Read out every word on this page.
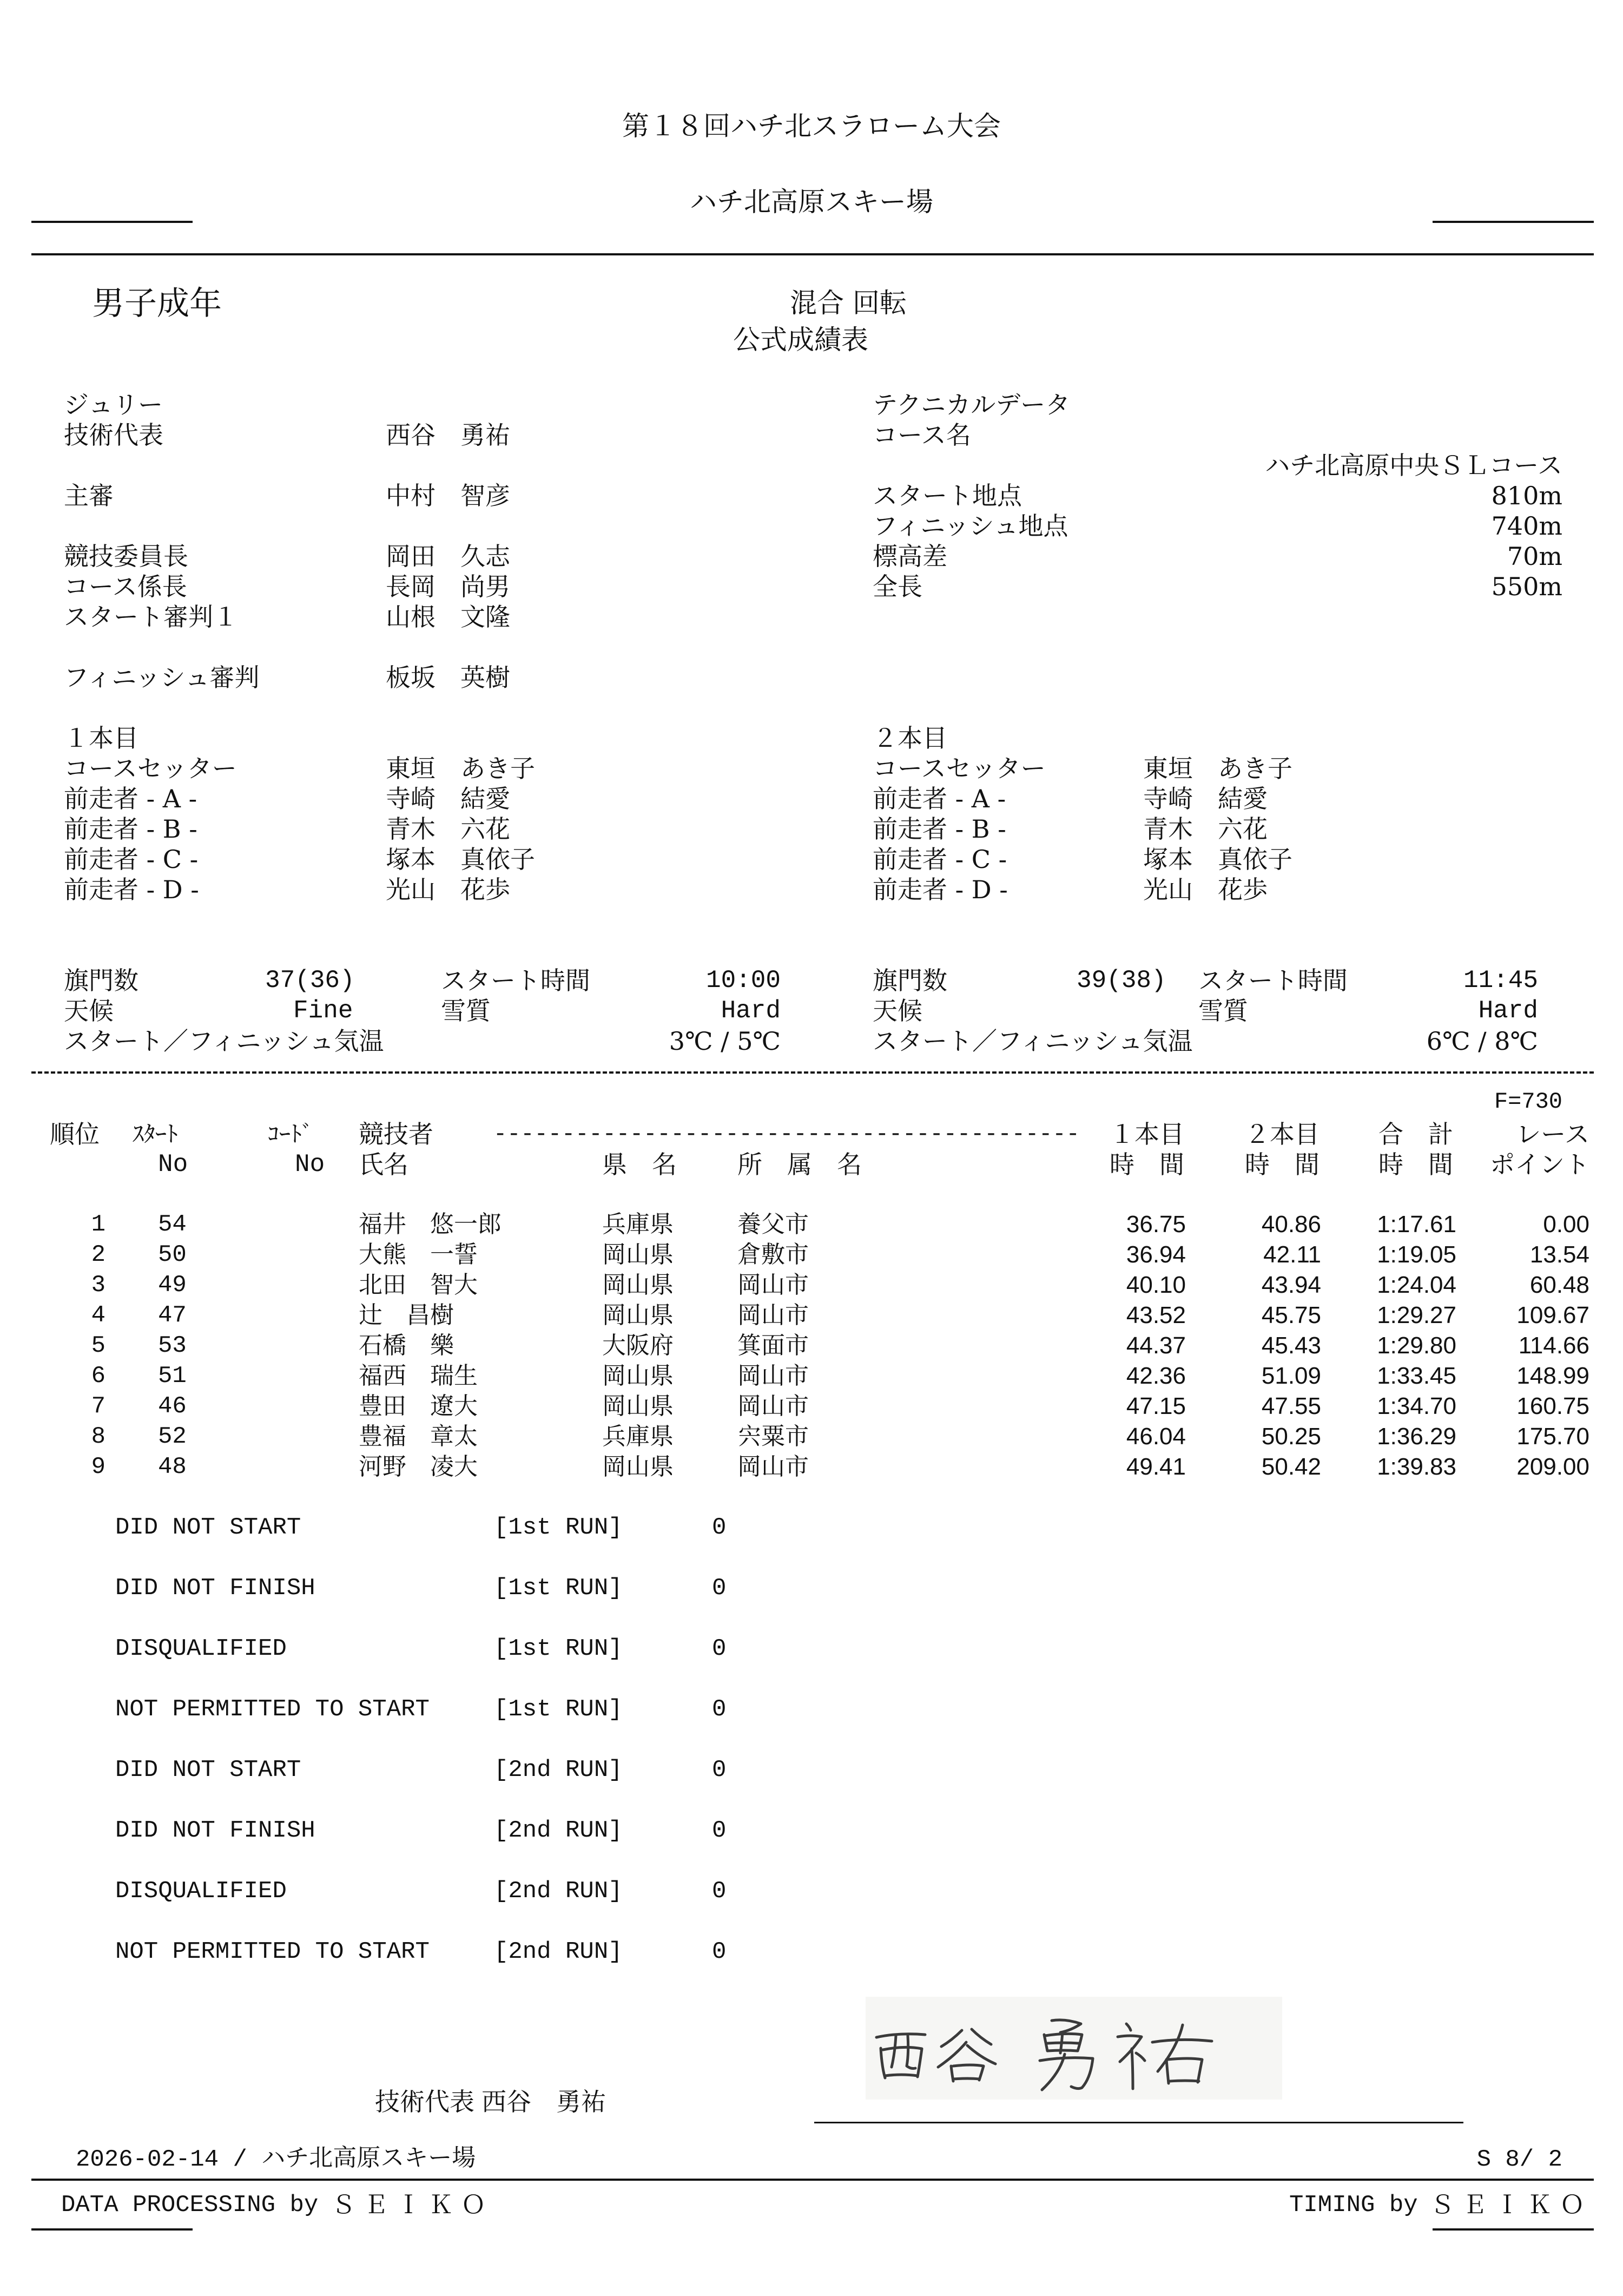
第１８回ハチ北スラローム大会
ハチ北高原スキー場
男子成年	混合 回転
公式成績表
ジュリー
技術代表	西谷　勇祐
主審	中村　智彦
競技委員長	岡田　久志
コース係長	長岡　尚男
スタート審判１	山根　文隆
フィニッシュ審判	板坂　英樹
テクニカルデータ
コース名
ハチ北高原中央ＳＬコース
スタート地点	810m
フィニッシュ地点	740m
標高差	70m
全長	550m
１本目
コースセッター	東垣　あき子
前走者 - A -	寺崎　結愛
前走者 - B -	青木　六花
前走者 - C -	塚本　真依子
前走者 - D -	光山　花歩
２本目
コースセッター	東垣　あき子
前走者 - A -	寺崎　結愛
前走者 - B -	青木　六花
前走者 - C -	塚本　真依子
前走者 - D -	光山　花歩
旗門数	37(36)	スタート時間	10:00
天候	Fine	雪質	Hard
スタート／フィニッシュ気温	3℃ / 5℃
旗門数	39(38) スタート時間	11:45
天候	雪質	Hard
スタート／フィニッシュ気温	6℃ / 8℃
F=730
順位 ｽﾀｰﾄ
No
ｺｰﾄﾞ
No
競技者	-------------------------------------------
氏名	県　名 所　属　名
１本目
時　間
２本目
時　間
合　計
時　間
レース
ポイント
1 54	福井　悠一郎	兵庫県	養父市	36.75	40.86 1:17.61	0.00
2 50	大熊　一誓	岡山県	倉敷市	36.94	42.11 1:19.05	13.54
3 49	北田　智大	岡山県	岡山市	40.10	43.94 1:24.04	60.48
4 47	辻　昌樹	岡山県	岡山市	43.52	45.75 1:29.27	109.67
5 53	石橋　樂	大阪府	箕面市	44.37	45.43 1:29.80	114.66
6 51	福西　瑞生	岡山県	岡山市	42.36	51.09 1:33.45	148.99
7 46	豊田　遼大	岡山県	岡山市	47.15	47.55 1:34.70	160.75
8 52	豊福　章太	兵庫県	宍粟市	46.04	50.25 1:36.29	175.70
9 48	河野　凌大	岡山県	岡山市	49.41	50.42 1:39.83	209.00
DID NOT START	[1st RUN]	0
DID NOT FINISH	[1st RUN]	0
DISQUALIFIED	[1st RUN]	0
NOT PERMITTED TO START	[1st RUN]	0
DID NOT START	[2nd RUN]	0
DID NOT FINISH	[2nd RUN]	0
DISQUALIFIED	[2nd RUN]	0
NOT PERMITTED TO START	[2nd RUN]	0
技術代表 西谷　勇祐
2026-02-14 / ハチ北高原スキー場	S 8/ 2
DATA PROCESSING by ＳＥＩＫＯ	TIMING by ＳＥＩＫＯ
